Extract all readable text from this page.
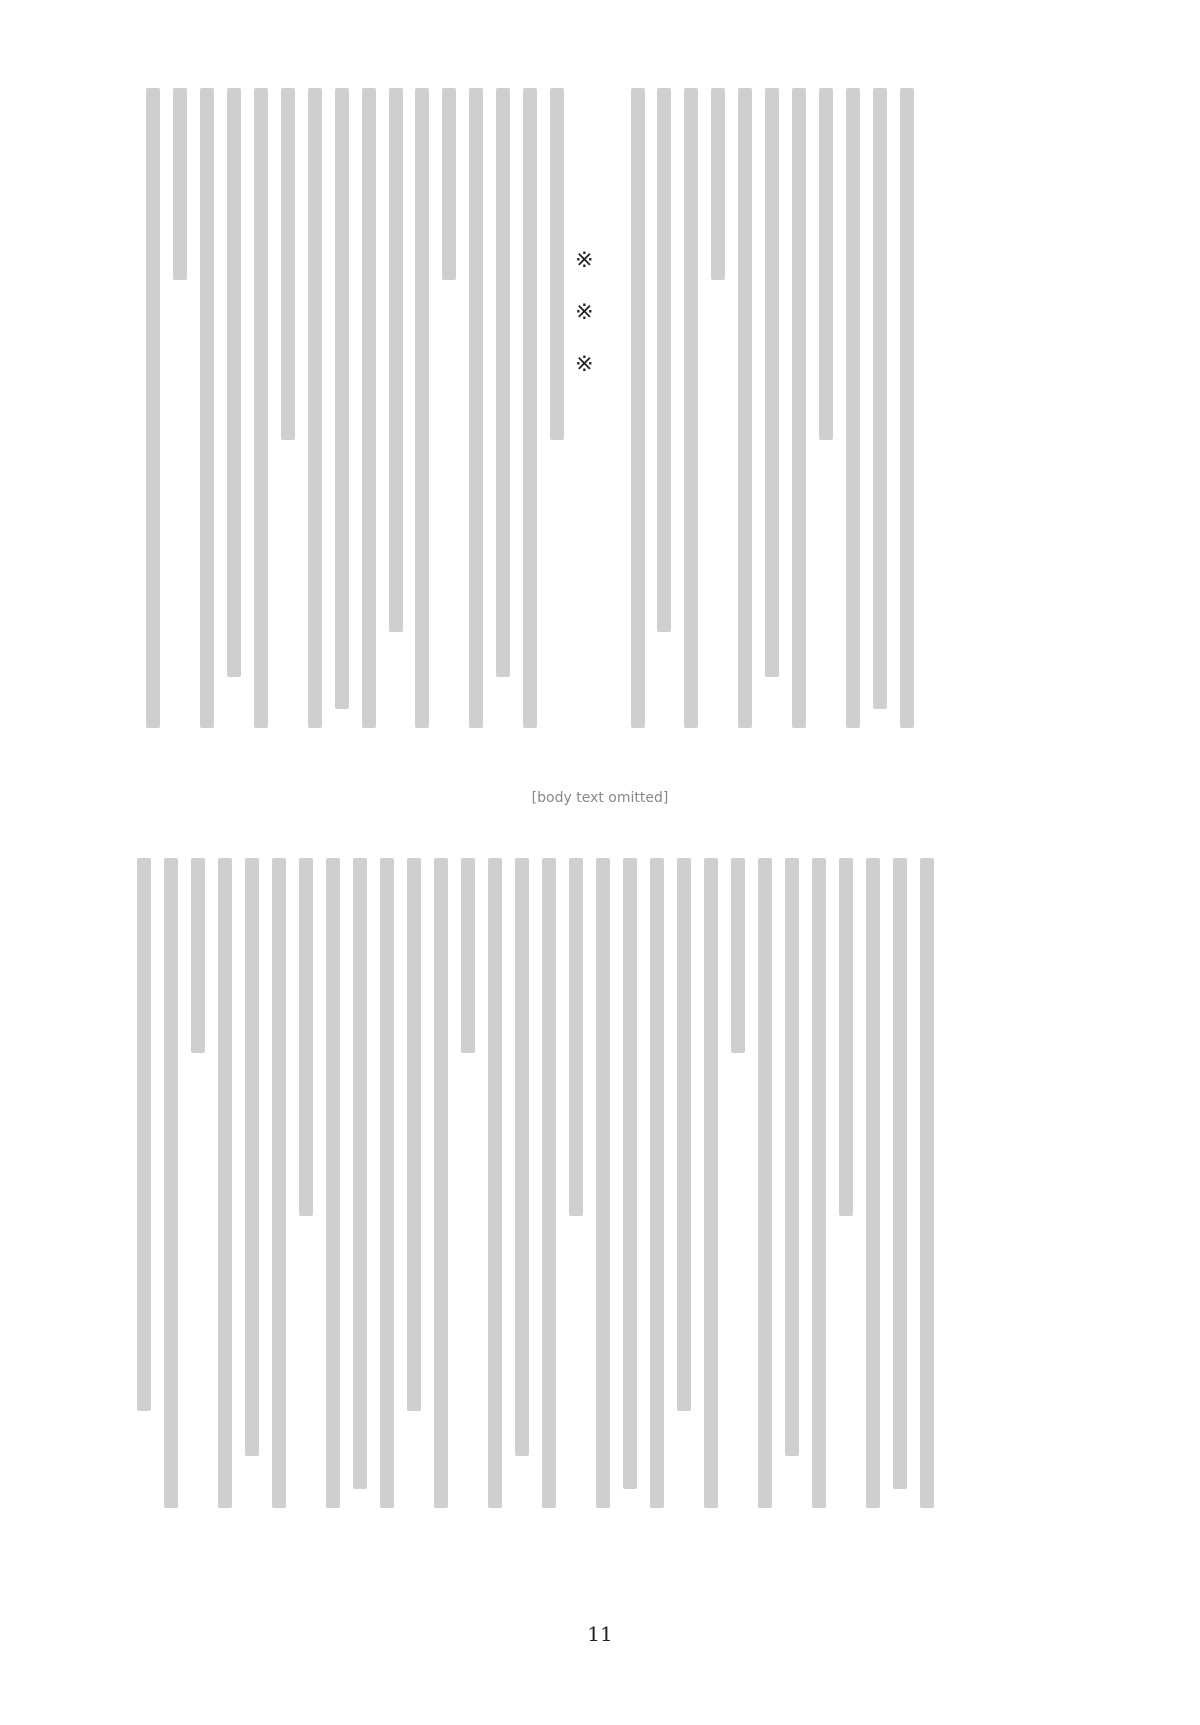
※ ※ ※
[body text omitted]
11
